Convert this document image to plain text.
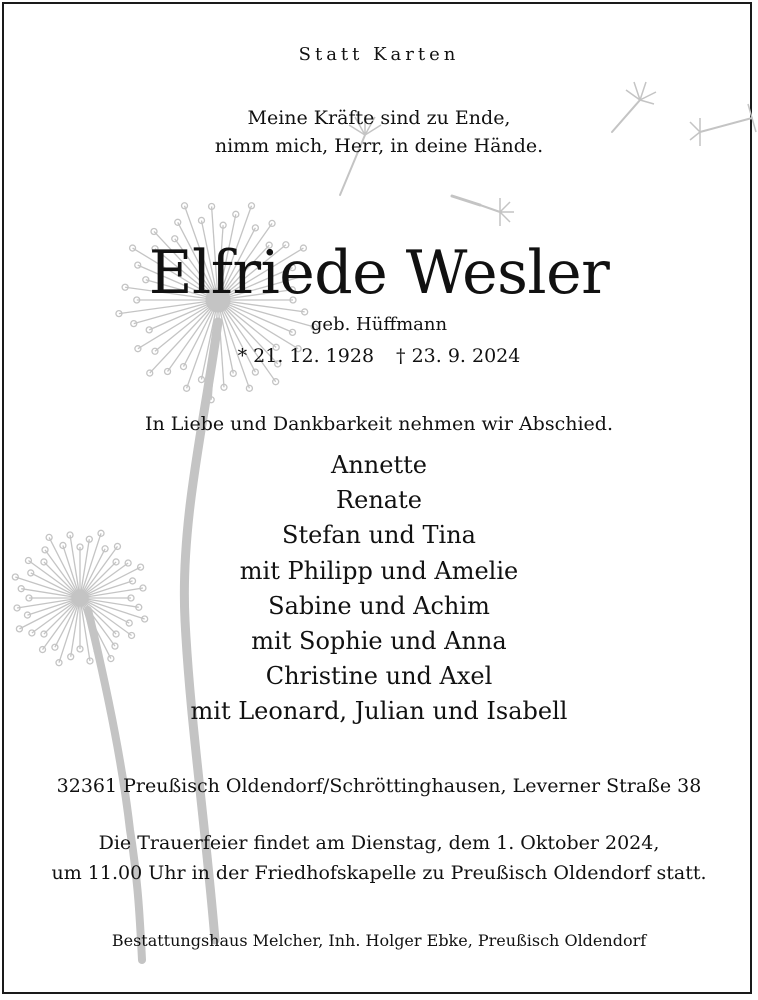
Statt Karten
Meine Kräfte sind zu Ende,
nimm mich, Herr, in deine Hände.
Elfriede Wesler
geb. Hüffmann
* 21. 12. 1928 † 23. 9. 2024
In Liebe und Dankbarkeit nehmen wir Abschied.
Annette
Renate
Stefan und Tina
mit Philipp und Amelie
Sabine und Achim
mit Sophie und Anna
Christine und Axel
mit Leonard, Julian und Isabell
32361 Preußisch Oldendorf/Schröttinghausen, Leverner Straße 38
Die Trauerfeier findet am Dienstag, dem 1. Oktober 2024,
um 11.00 Uhr in der Friedhofskapelle zu Preußisch Oldendorf statt.
Bestattungshaus Melcher, Inh. Holger Ebke, Preußisch Oldendorf
